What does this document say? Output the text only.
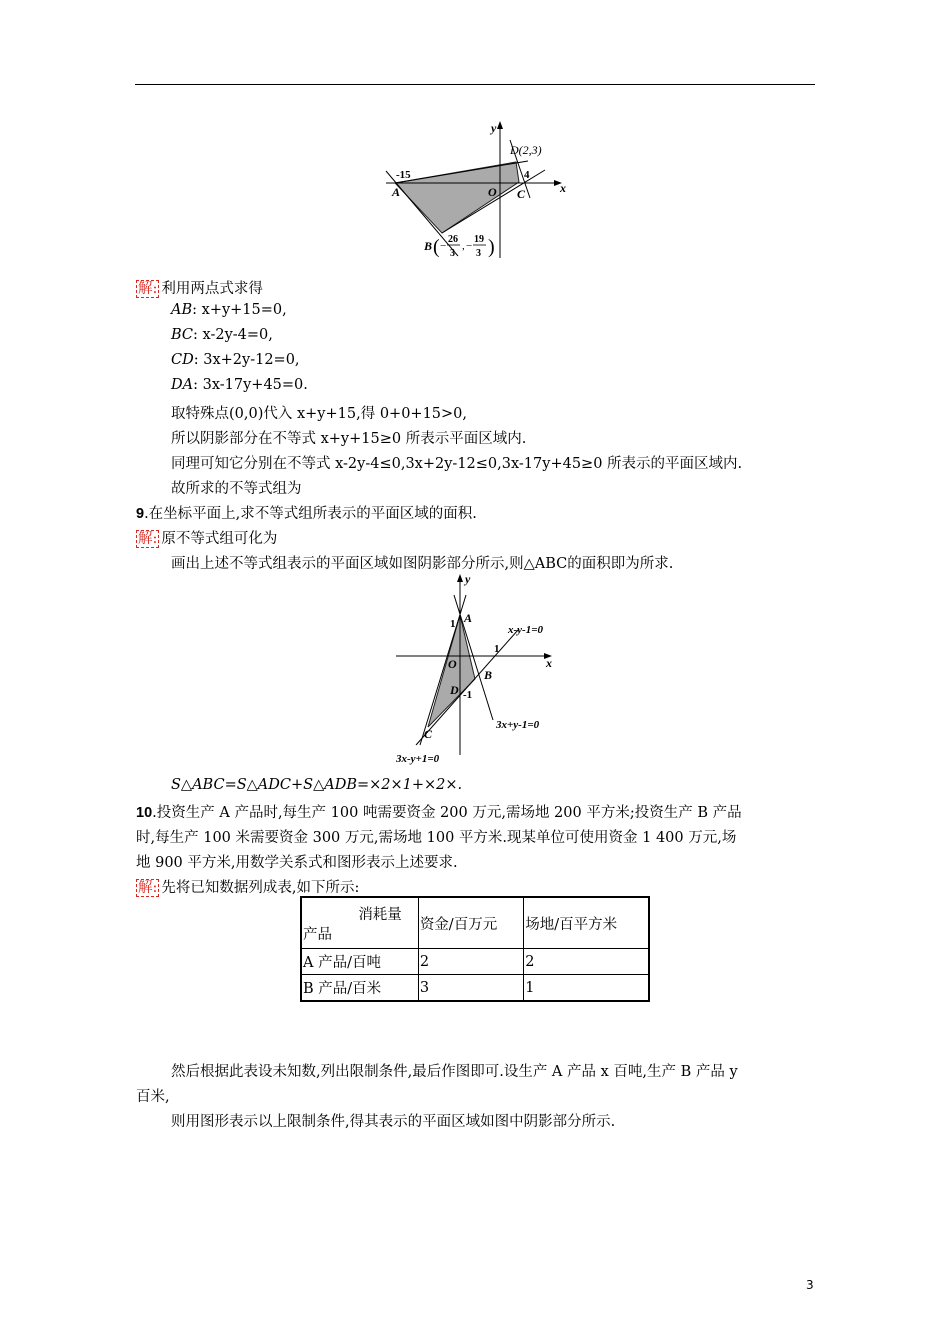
y
x
D(2,3)
-15	4
A	O C
B ( −
26
3
, −
19
3 )
解: 利用两点式求得
AB: x+y+15=0,
BC: x-2y-4=0,
CD: 3x+2y-12=0,
DA: 3x-17y+45=0.
取特殊点(0,0)代入 x+y+15,得 0+0+15>0,
所以阴影部分在不等式 x+y+15≥0 所表示平面区域内.
同理可知它分别在不等式 x-2y-4≤0,3x+2y-12≤0,3x-17y+45≥0 所表示的平面区域内.
故所求的不等式组为
9.在坐标平面上,求不等式组所表示的平面区域的面积.
解: 原不等式组可化为
画出上述不等式组表示的平面区域如图阴影部分所示,则△ABC的面积即为所求.
y
x
1 A
x-y-1=0
1
O
B
D -1
3x+y-1=0
C
3x-y+1=0
S△ABC=S△ADC+S△ADB=×2×1+×2×.
10.投资生产 A 产品时,每生产 100 吨需要资金 200 万元,需场地 200 平方米;投资生产 B 产品
时,每生产 100 米需要资金 300 万元,需场地 100 平方米.现某单位可使用资金 1 400 万元,场
地 900 平方米,用数学关系式和图形表示上述要求.
解: 先将已知数据列成表,如下所示:
消耗量
产品	资金/百万元	场地/百平方米
A 产品/百吨	2	2
B 产品/百米	3	1
然后根据此表设未知数,列出限制条件,最后作图即可.设生产 A 产品 x 百吨,生产 B 产品 y
百米,
则用图形表示以上限制条件,得其表示的平面区域如图中阴影部分所示.
3
